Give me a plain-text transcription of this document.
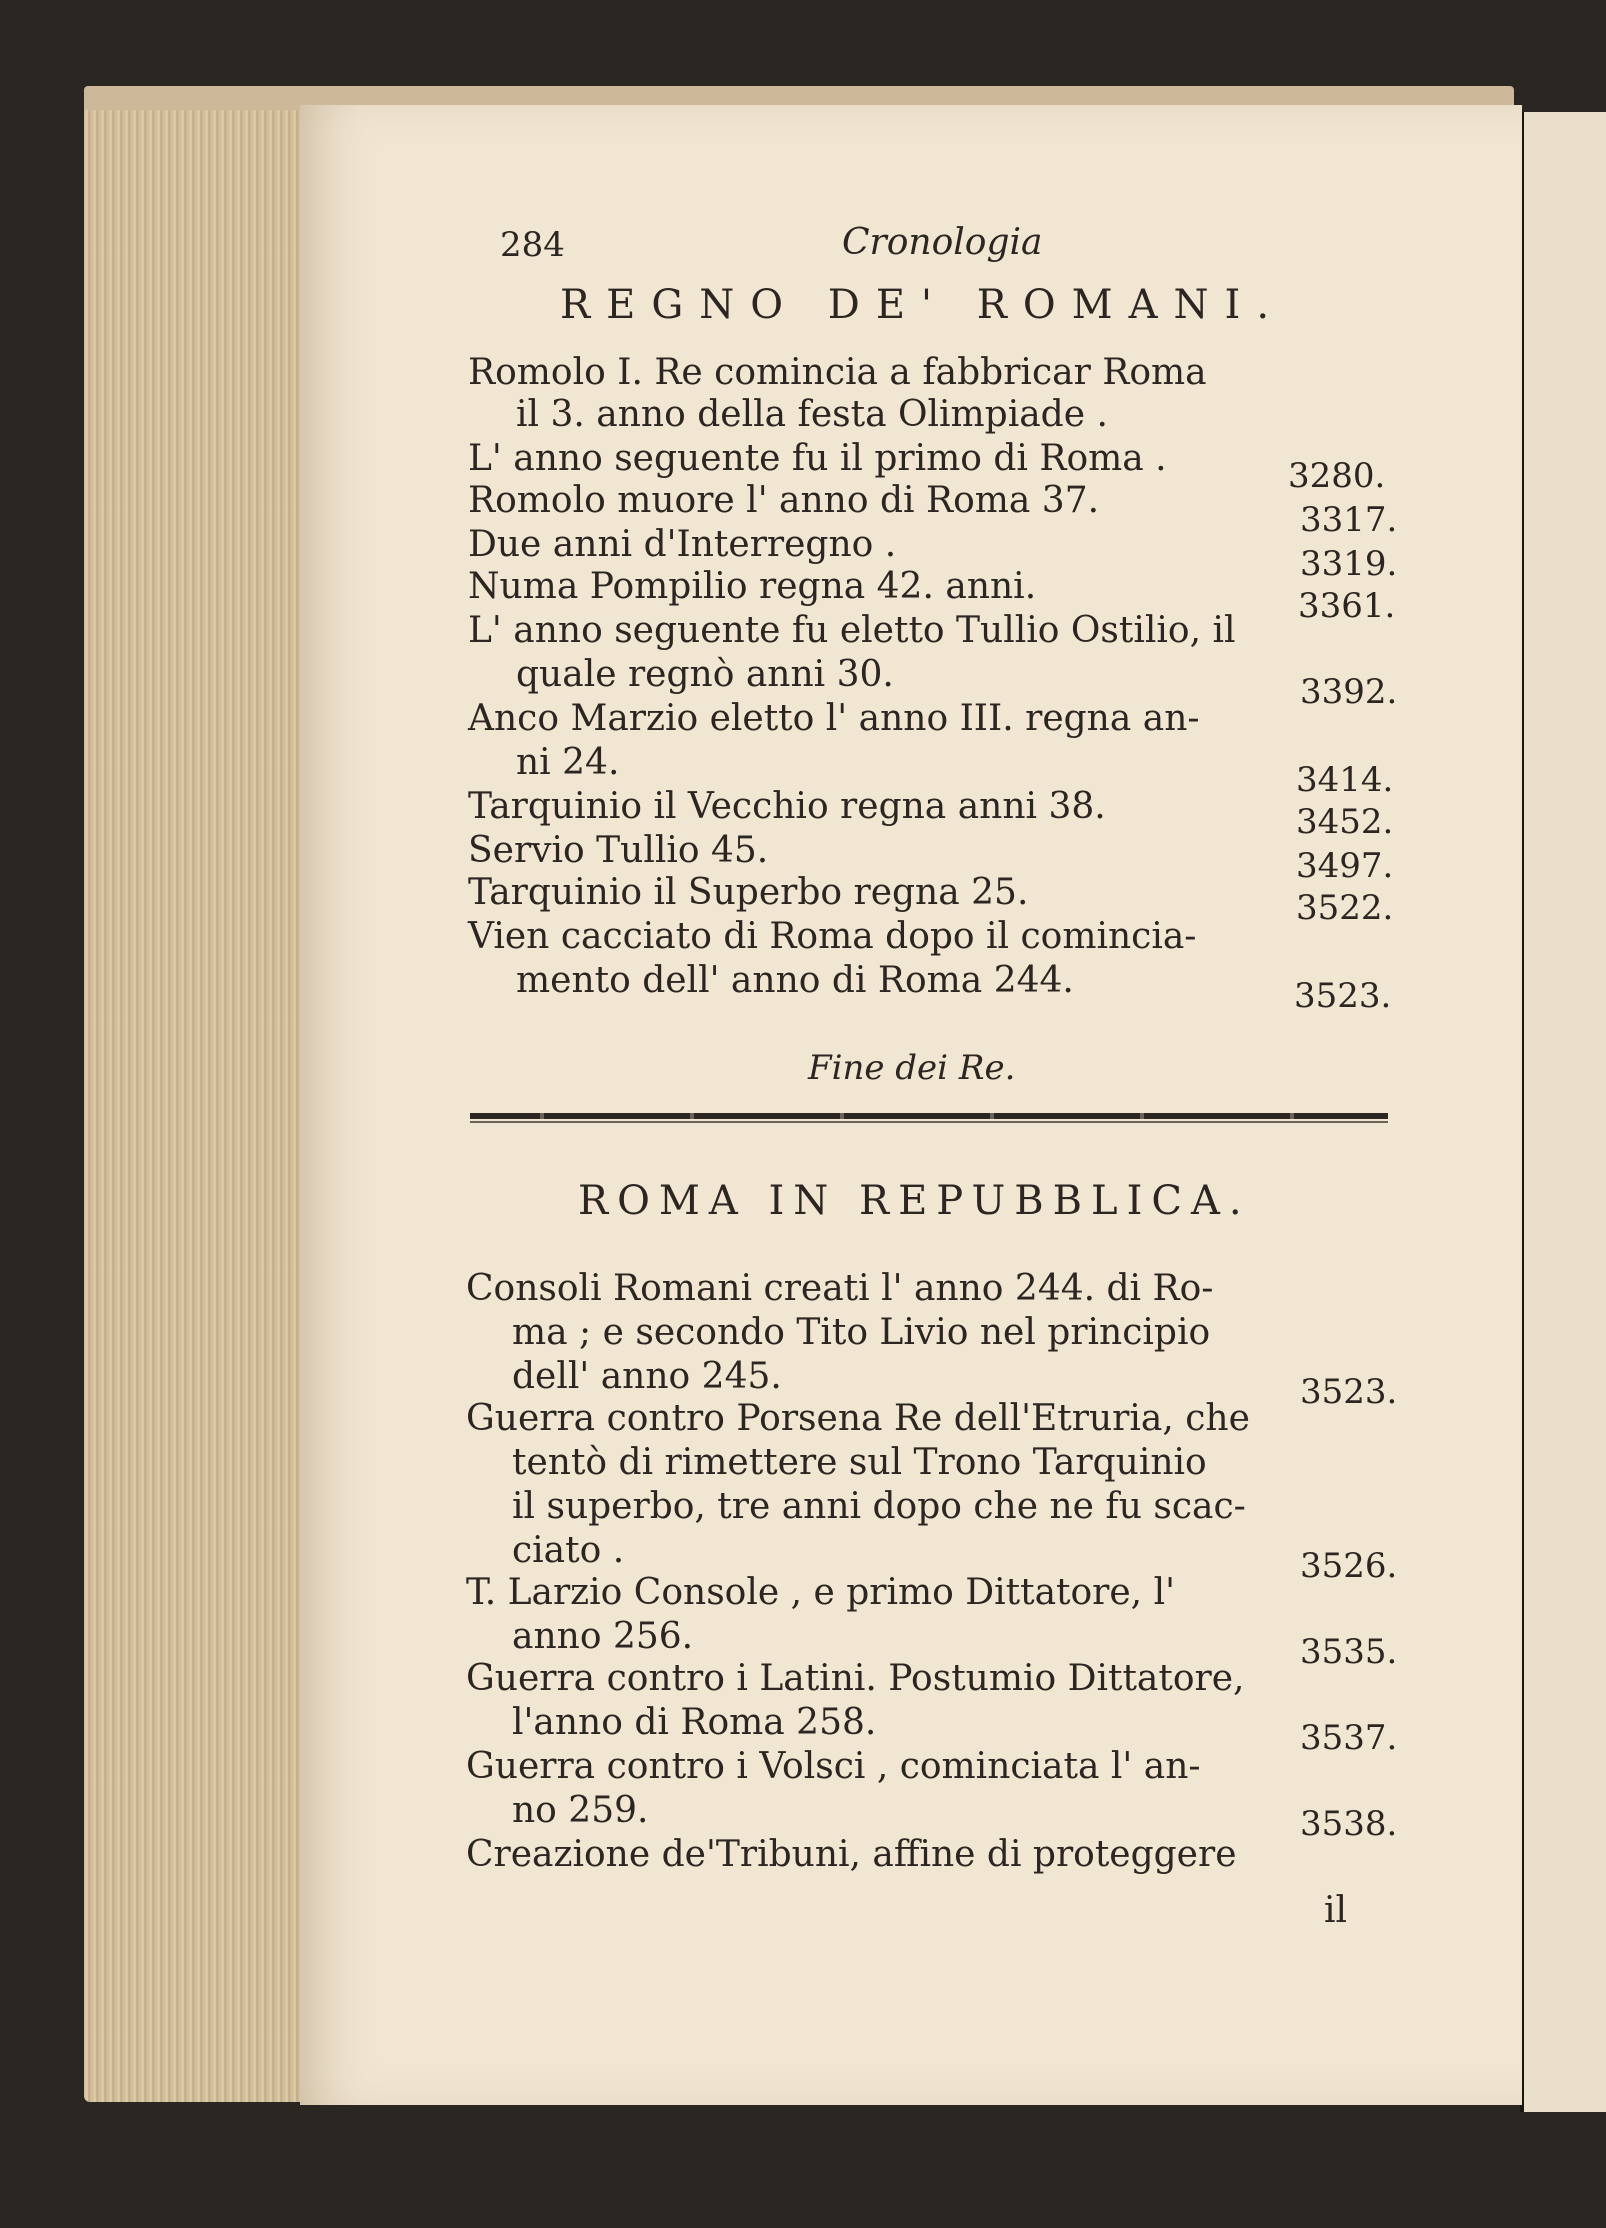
284	Cronologia
REGNO DE' ROMANI.
Romolo I. Re comincia a fabbricar Roma
il 3. anno della festa Olimpiade .
L' anno seguente fu il primo di Roma .	3280.
Romolo muore l' anno di Roma 37.	3317.
Due anni d'Interregno .	3319.
Numa Pompilio regna 42. anni.	3361.
L' anno seguente fu eletto Tullio Ostilio, il
quale regnò anni 30.	3392.
Anco Marzio eletto l' anno III. regna an-
ni 24.	3414.
Tarquinio il Vecchio regna anni 38.	3452.
Servio Tullio 45.	3497.
Tarquinio il Superbo regna 25.	3522.
Vien cacciato di Roma dopo il comincia-
mento dell' anno di Roma 244.	3523.
Fine dei Re.
ROMA IN REPUBBLICA.
Consoli Romani creati l' anno 244. di Ro-
ma ; e secondo Tito Livio nel principio
dell' anno 245.	3523.
Guerra contro Porsena Re dell'Etruria, che
tentò di rimettere sul Trono Tarquinio
il superbo, tre anni dopo che ne fu scac-
ciato .	3526.
T. Larzio Console , e primo Dittatore, l'
anno 256.	3535.
Guerra contro i Latini. Postumio Dittatore,
l'anno di Roma 258.	3537.
Guerra contro i Volsci , cominciata l' an-
no 259.	3538.
Creazione de'Tribuni, affine di proteggere
il
